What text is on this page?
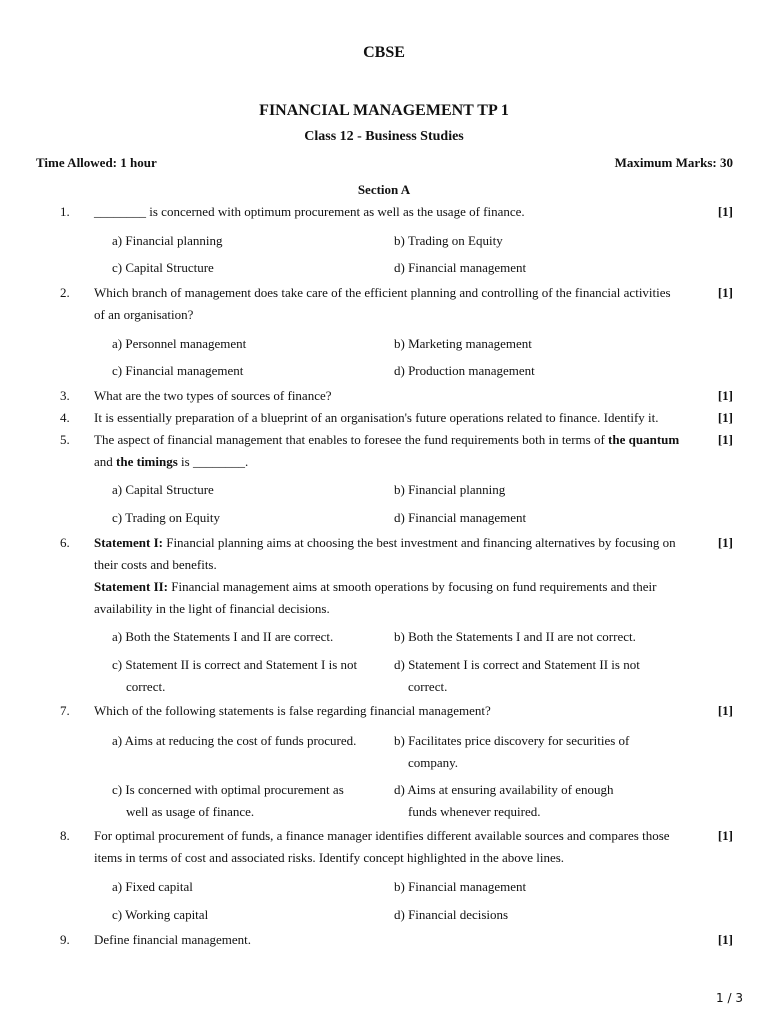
CBSE
FINANCIAL MANAGEMENT TP 1
Class 12 - Business Studies
Time Allowed: 1 hour	Maximum Marks: 30
Section A
1. ________ is concerned with optimum procurement as well as the usage of finance.	[1]
a) Financial planning	b) Trading on Equity
c) Capital Structure	d) Financial management
2. Which branch of management does take care of the efficient planning and controlling of the financial activities
of an organisation?
[1]
a) Personnel management	b) Marketing management
c) Financial management	d) Production management
3. What are the two types of sources of finance?	[1]
4. It is essentially preparation of a blueprint of an organisation's future operations related to finance. Identify it.	[1]
5. The aspect of financial management that enables to foresee the fund requirements both in terms of the quantum
and the timings is ________.
[1]
a) Capital Structure	b) Financial planning
c) Trading on Equity	d) Financial management
6. Statement I: Financial planning aims at choosing the best investment and financing alternatives by focusing on
their costs and benefits.
Statement II: Financial management aims at smooth operations by focusing on fund requirements and their
availability in the light of financial decisions.
[1]
a) Both the Statements I and II are correct.	b) Both the Statements I and II are not correct.
c) Statement II is correct and Statement I is not
correct.
d) Statement I is correct and Statement II is not
correct.
7. Which of the following statements is false regarding financial management?	[1]
a) Aims at reducing the cost of funds procured.	b) Facilitates price discovery for securities of
company.
c) Is concerned with optimal procurement as
well as usage of finance.
d) Aims at ensuring availability of enough
funds whenever required.
8. For optimal procurement of funds, a finance manager identifies different available sources and compares those
items in terms of cost and associated risks. Identify concept highlighted in the above lines.
[1]
a) Fixed capital	b) Financial management
c) Working capital	d) Financial decisions
9. Define financial management.	[1]
1 / 3
